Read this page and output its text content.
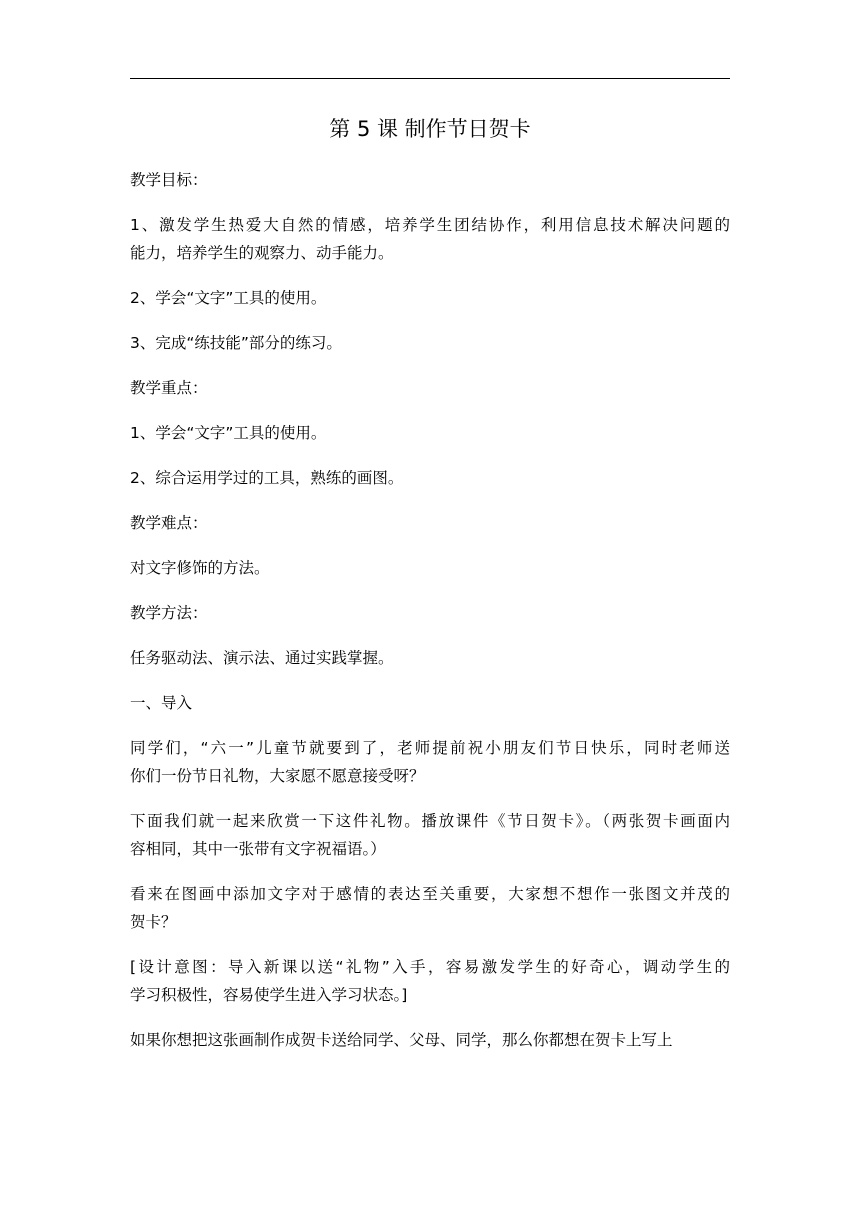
第 5 课 制作节日贺卡
教学目标：
1、激发学生热爱大自然的情感，培养学生团结协作，利用信息技术解决问题的
能力，培养学生的观察力、动手能力。
2、学会“文字”工具的使用。
3、完成“练技能”部分的练习。
教学重点：
1、学会“文字”工具的使用。
2、综合运用学过的工具，熟练的画图。
教学难点：
对文字修饰的方法。
教学方法：
任务驱动法、演示法、通过实践掌握。
一、导入
同学们，“六一”儿童节就要到了，老师提前祝小朋友们节日快乐，同时老师送
你们一份节日礼物，大家愿不愿意接受呀？
下面我们就一起来欣赏一下这件礼物。播放课件《节日贺卡》。（两张贺卡画面内
容相同，其中一张带有文字祝福语。）
看来在图画中添加文字对于感情的表达至关重要，大家想不想作一张图文并茂的
贺卡？
[设计意图：导入新课以送“礼物”入手，容易激发学生的好奇心，调动学生的
学习积极性，容易使学生进入学习状态。]
如果你想把这张画制作成贺卡送给同学、父母、同学，那么你都想在贺卡上写上
